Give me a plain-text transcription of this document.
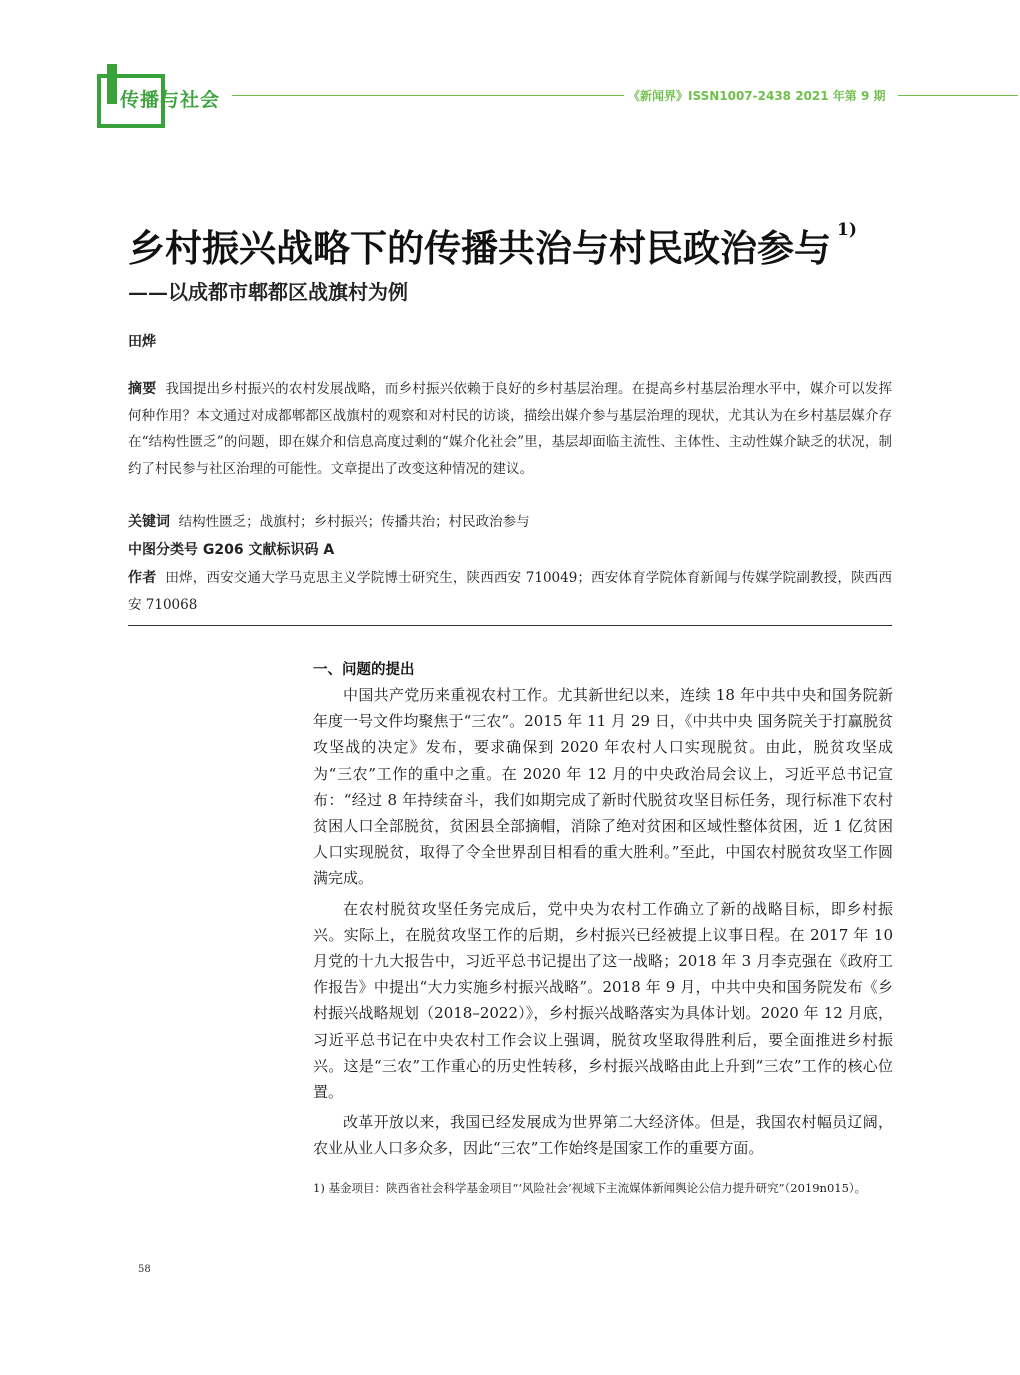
传播与社会	《新闻界》ISSN1007-2438 2021 年第 9 期
乡村振兴战略下的传播共治与村民政治参与 $^{1)}$
——以成都市郫都区战旗村为例
田烨
摘要 我国提出乡村振兴的农村发展战略，而乡村振兴依赖于良好的乡村基层治理。在提高乡村基层治理水平中，媒介可以发挥何种作用？本文通过对成都郫都区战旗村的观察和对村民的访谈，描绘出媒介参与基层治理的现状，尤其认为在乡村基层媒介存在“结构性匮乏”的问题，即在媒介和信息高度过剩的“媒介化社会”里，基层却面临主流性、主体性、主动性媒介缺乏的状况，制约了村民参与社区治理的可能性。文章提出了改变这种情况的建议。
关键词 结构性匮乏；战旗村；乡村振兴；传播共治；村民政治参与
中图分类号 G206 文献标识码 A
作者 田烨，西安交通大学马克思主义学院博士研究生，陕西西安 710049；西安体育学院体育新闻与传媒学院副教授，陕西西安 710068
一、问题的提出

中国共产党历来重视农村工作。尤其新世纪以来，连续 18 年中共中央和国务院新年度一号文件均聚焦于“三农”。2015 年 11 月 29 日，《中共中央 国务院关于打赢脱贫攻坚战的决定》发布，要求确保到 2020 年农村人口实现脱贫。由此，脱贫攻坚成为“三农”工作的重中之重。在 2020 年 12 月的中央政治局会议上，习近平总书记宣布：“经过 8 年持续奋斗，我们如期完成了新时代脱贫攻坚目标任务，现行标准下农村贫困人口全部脱贫，贫困县全部摘帽，消除了绝对贫困和区域性整体贫困，近 1 亿贫困人口实现脱贫，取得了令全世界刮目相看的重大胜利。”至此，中国农村脱贫攻坚工作圆满完成。

在农村脱贫攻坚任务完成后，党中央为农村工作确立了新的战略目标，即乡村振兴。实际上，在脱贫攻坚工作的后期，乡村振兴已经被提上议事日程。在 2017 年 10 月党的十九大报告中，习近平总书记提出了这一战略；2018 年 3 月李克强在《政府工作报告》中提出“大力实施乡村振兴战略”。2018 年 9 月，中共中央和国务院发布《乡村振兴战略规划（2018–2022）》，乡村振兴战略落实为具体计划。2020 年 12 月底，习近平总书记在中央农村工作会议上强调，脱贫攻坚取得胜利后，要全面推进乡村振兴。这是“三农”工作重心的历史性转移，乡村振兴战略由此上升到“三农”工作的核心位置。

改革开放以来，我国已经发展成为世界第二大经济体。但是，我国农村幅员辽阔，农业从业人口多众多，因此“三农”工作始终是国家工作的重要方面。

1) 基金项目：陕西省社会科学基金项目“‘风险社会’视域下主流媒体新闻舆论公信力提升研究”（2019n015）。
58
